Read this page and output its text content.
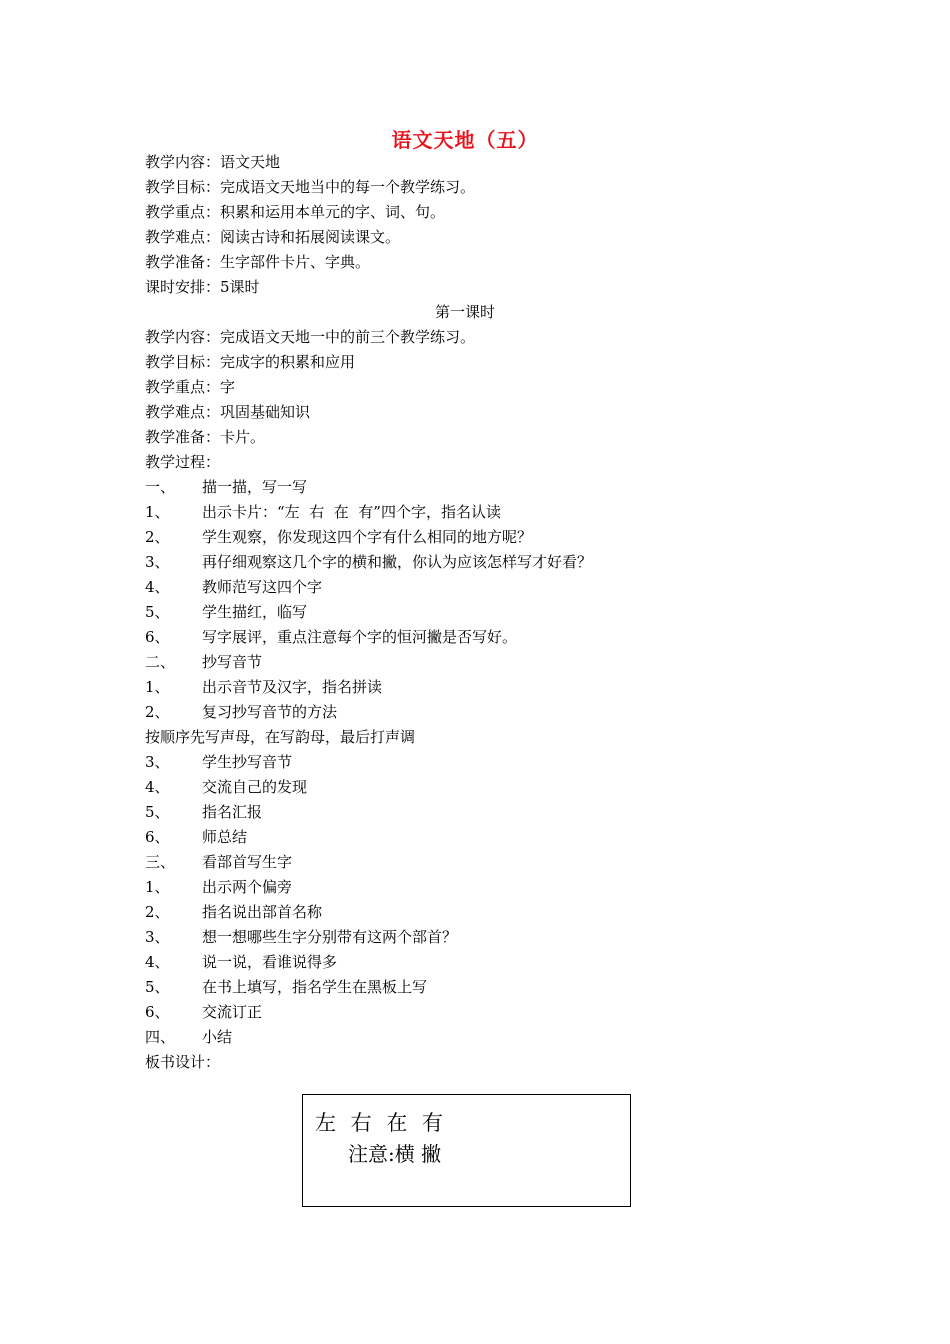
语文天地（五）
教学内容：语文天地
教学目标：完成语文天地当中的每一个教学练习。
教学重点：积累和运用本单元的字、词、句。
教学难点：阅读古诗和拓展阅读课文。
教学准备：生字部件卡片、字典。
课时安排：5课时
第一课时
教学内容：完成语文天地一中的前三个教学练习。
教学目标：完成字的积累和应用
教学重点：字
教学难点：巩固基础知识
教学准备：卡片。
教学过程：
一、 描一描，写一写
1、 出示卡片：“左  右  在  有”四个字，指名认读
2、 学生观察，你发现这四个字有什么相同的地方呢？
3、 再仔细观察这几个字的横和撇，你认为应该怎样写才好看？
4、 教师范写这四个字
5、 学生描红，临写
6、 写字展评，重点注意每个字的恒河撇是否写好。
二、 抄写音节
1、 出示音节及汉字，指名拼读
2、 复习抄写音节的方法
按顺序先写声母，在写韵母，最后打声调
3、 学生抄写音节
4、 交流自己的发现
5、 指名汇报
6、 师总结
三、 看部首写生字
1、 出示两个偏旁
2、 指名说出部首名称
3、 想一想哪些生字分别带有这两个部首？
4、 说一说，看谁说得多
5、 在书上填写，指名学生在黑板上写
6、 交流订正
四、 小结
板书设计：
左 右 在 有
注意:横 撇
